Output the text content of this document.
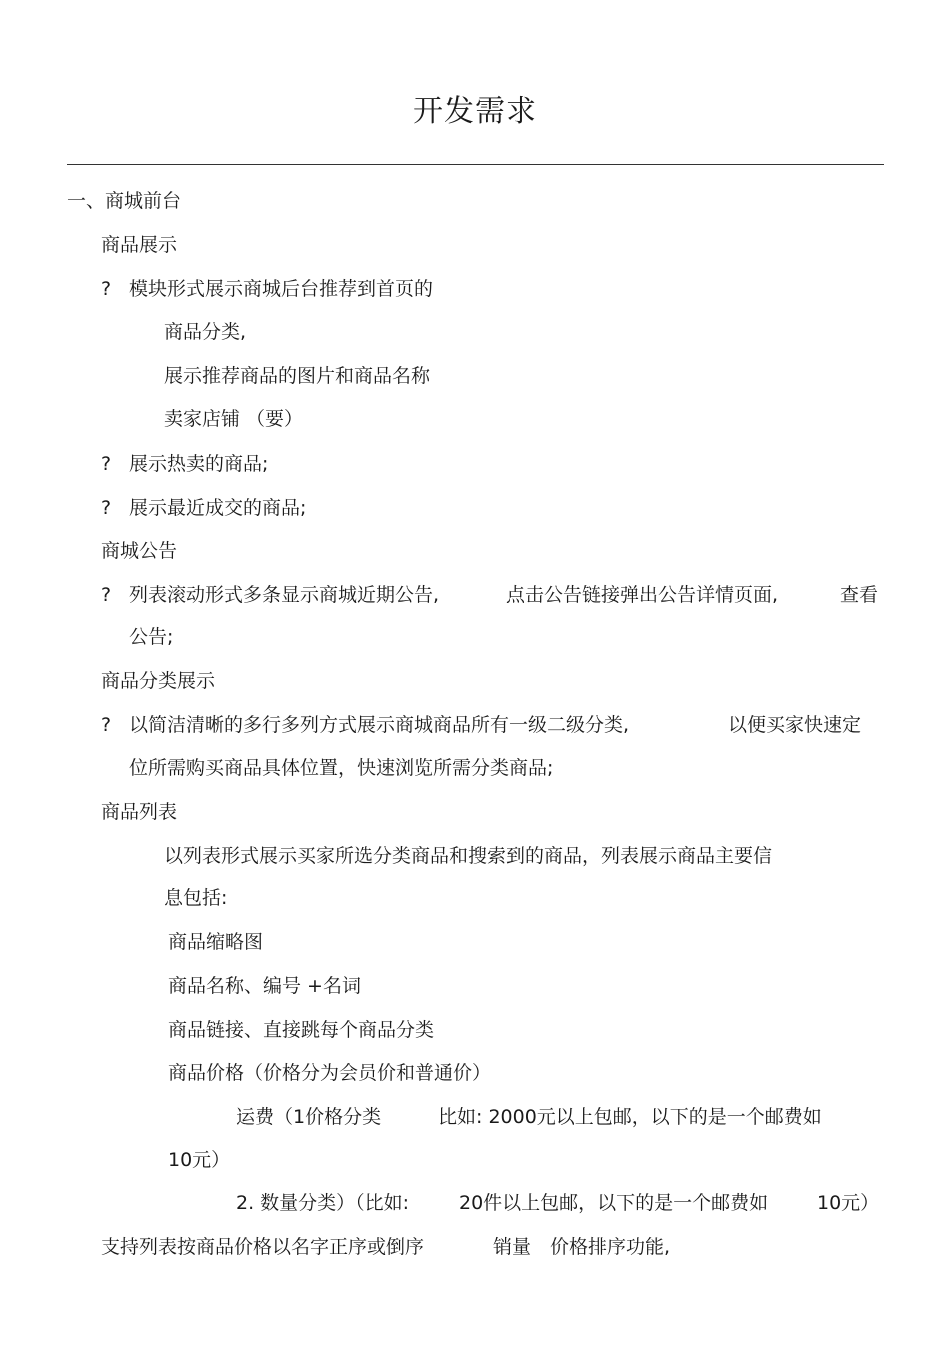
开发需求
一、商城前台
商品展示
? 模块形式展示商城后台推荐到首页的
商品分类,
展示推荐商品的图片和商品名称
卖家店铺 （要）
? 展示热卖的商品;
? 展示最近成交的商品;
商城公告
? 列表滚动形式多条显示商城近期公告,	点击公告链接弹出公告详情页面,	查看
公告;
商品分类展示
? 以简洁清晰的多行多列方式展示商城商品所有一级二级分类,	以便买家快速定
位所需购买商品具体位置，快速浏览所需分类商品;
商品列表
以列表形式展示买家所选分类商品和搜索到的商品，列表展示商品主要信
息包括:
商品缩略图
商品名称、编号 +名词
商品链接、直接跳每个商品分类
商品价格（价格分为会员价和普通价）
运费（1价格分类	比如: 2000元以上包邮，以下的是一个邮费如
10元）
2. 数量分类）（比如:	20件以上包邮，以下的是一个邮费如	10元）
支持列表按商品价格以名字正序或倒序	销量 价格排序功能,
